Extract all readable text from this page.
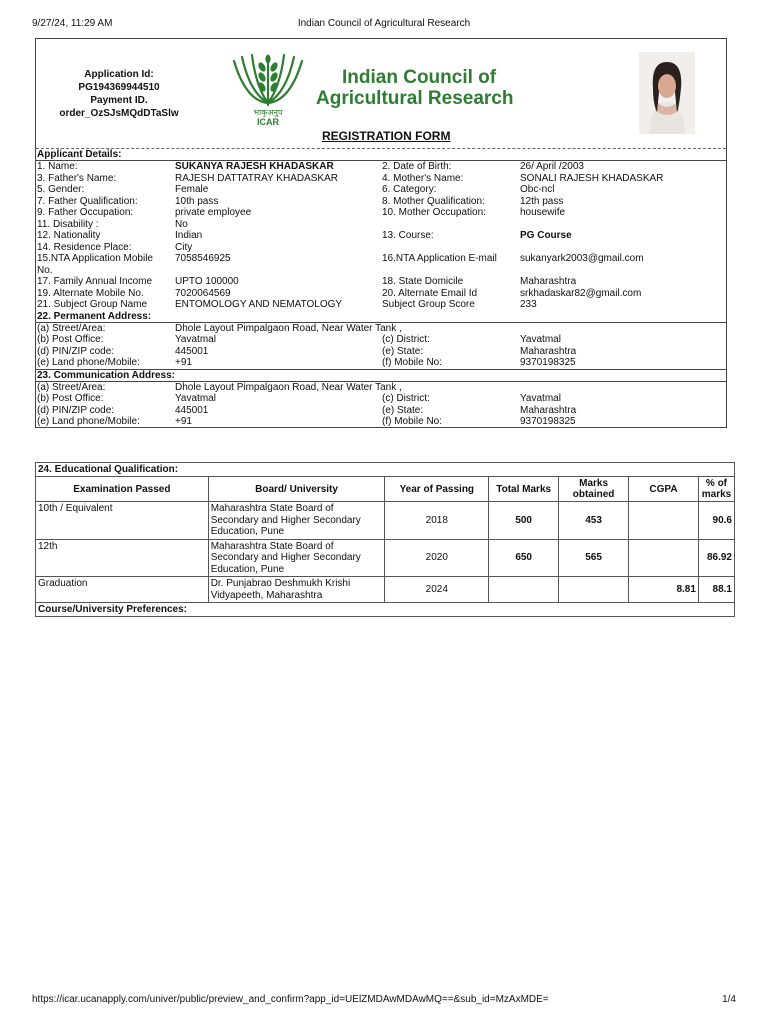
9/27/24, 11:29 AM	Indian Council of Agricultural Research
Application Id:
PG194369944510
Payment ID.
order_OzSJsMQdDTaSlw	भाकृअनुप
ICAR
Indian Council of
Agricultural Research
REGISTRATION FORM
Applicant Details:
1. Name:	SUKANYA RAJESH KHADASKAR	2. Date of Birth:	26/ April /2003
3. Father's Name:	RAJESH DATTATRAY KHADASKAR	4. Mother's Name:	SONALI RAJESH KHADASKAR
5. Gender:	Female	6. Category:	Obc-ncl
7. Father Qualification:	10th pass	8. Mother Qualification:	12th pass
9. Father Occupation:	private employee	10. Mother Occupation:	housewife
11. Disability :	No
12. Nationality	Indian	13. Course:	PG Course
14. Residence Place:	City
15.NTA Application Mobile
No.
7058546925	16.NTA Application E-mail sukanyark2003@gmail.com
17. Family Annual Income UPTO 100000	18. State Domicile	Maharashtra
19. Alternate Mobile No.	7020064569	20. Alternate Email Id	srkhadaskar82@gmail.com
21. Subject Group Name	ENTOMOLOGY AND NEMATOLOGY	Subject Group Score	233
22. Permanent Address:
(a) Street/Area:	Dhole Layout Pimpalgaon Road, Near Water Tank ,
(b) Post Office:	Yavatmal	(c) District:	Yavatmal
(d) PIN/ZIP code:	445001	(e) State:	Maharashtra
(e) Land phone/Mobile:	+91	(f) Mobile No:	9370198325
23. Communication Address:
(a) Street/Area:	Dhole Layout Pimpalgaon Road, Near Water Tank ,
(b) Post Office:	Yavatmal	(c) District:	Yavatmal
(d) PIN/ZIP code:	445001	(e) State:	Maharashtra
(e) Land phone/Mobile:	+91	(f) Mobile No:	9370198325
24. Educational Qualification:						
Examination Passed	Board/ University	Year of Passing	Total Marks	Marks obtained	CGPA	% of marks
10th / Equivalent	Maharashtra State Board of Secondary and Higher Secondary Education, Pune	2018	500	453		90.6
12th	Maharashtra State Board of Secondary and Higher Secondary Education, Pune	2020	650	565		86.92
Graduation	Dr. Punjabrao Deshmukh Krishi Vidyapeeth, Maharashtra	2024			8.81	88.1
Course/University Preferences:						
https://icar.ucanapply.com/univer/public/preview_and_confirm?app_id=UElZMDAwMDAwMQ==&sub_id=MzAxMDE=	1/4
